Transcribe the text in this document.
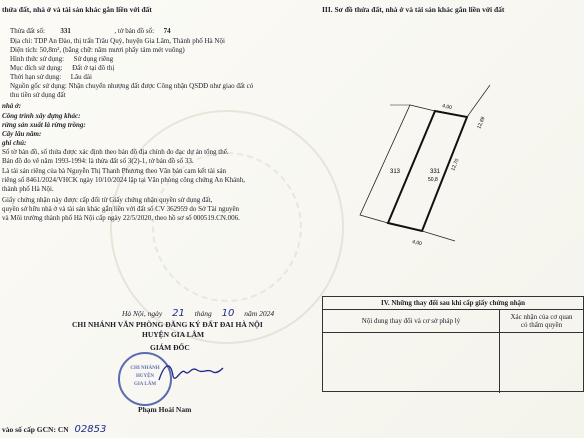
thửa đất, nhà ở và tài sản khác gắn liền với đất
Thửa đất số: 331	, tờ bản đồ số: 74
Địa chỉ: TDP An Đào, thị trấn Trâu Quỳ, huyện Gia Lâm, Thành phố Hà Nội
Diện tích: 50,8m², (bằng chữ: năm mươi phẩy tám mét vuông)
Hình thức sử dụng: Sử dụng riêng
Mục đích sử dụng: Đất ở tại đô thị
Thời hạn sử dụng: Lâu dài
Nguồn gốc sử dụng: Nhận chuyển nhượng đất được Công nhận QSDĐ như giao đất có
thu tiền sử dụng đất
nhà ở:
Công trình xây dựng khác:
rừng sản xuất là rừng trồng:
Cây lâu năm:
ghi chú:
Số tờ bản đồ, số thửa được xác định theo bản đồ địa chính đo đạc dự án tổng thể.
Bản đồ đo vẽ năm 1993-1994: là thửa đất số 3(2)-1, tờ bản đồ số 33.
Là tài sản riêng của bà Nguyễn Thị Thanh Phương theo Văn bản cam kết tài sản
riêng số 8461/2024/VHCK ngày 10/10/2024 lập tại Văn phòng công chứng An Khánh,
thành phố Hà Nội.
Giấy chứng nhận này được cấp đổi từ Giấy chứng nhận quyền sử dụng đất,
quyền sở hữu nhà ở và tài sản khác gắn liền với đất số CV 362959 do Sở Tài nguyên
và Môi trường thành phố Hà Nội cấp ngày 22/5/2020, theo hồ sơ số 000519.CN.006.
Hà Nội, ngày 21 tháng 10 năm 2024
CHI NHÁNH VĂN PHÒNG ĐĂNG KÝ ĐẤT ĐAI HÀ NỘI
HUYỆN GIA LÂM
GIÁM ĐỐC
CHI NHÁNH
HUYỆN
GIA LÂM
Phạm Hoài Nam
vào số cấp GCN: CN 02853
III. Sơ đồ thửa đất, nhà ở và tài sản khác gắn liền với đất
331
50,8
313
4,00
12,70
4,00
12,69
IV. Những thay đổi sau khi cấp giấy chứng nhận
Nội dung thay đổi và cơ sở pháp lý	Xác nhận của cơ quan
có thẩm quyền
